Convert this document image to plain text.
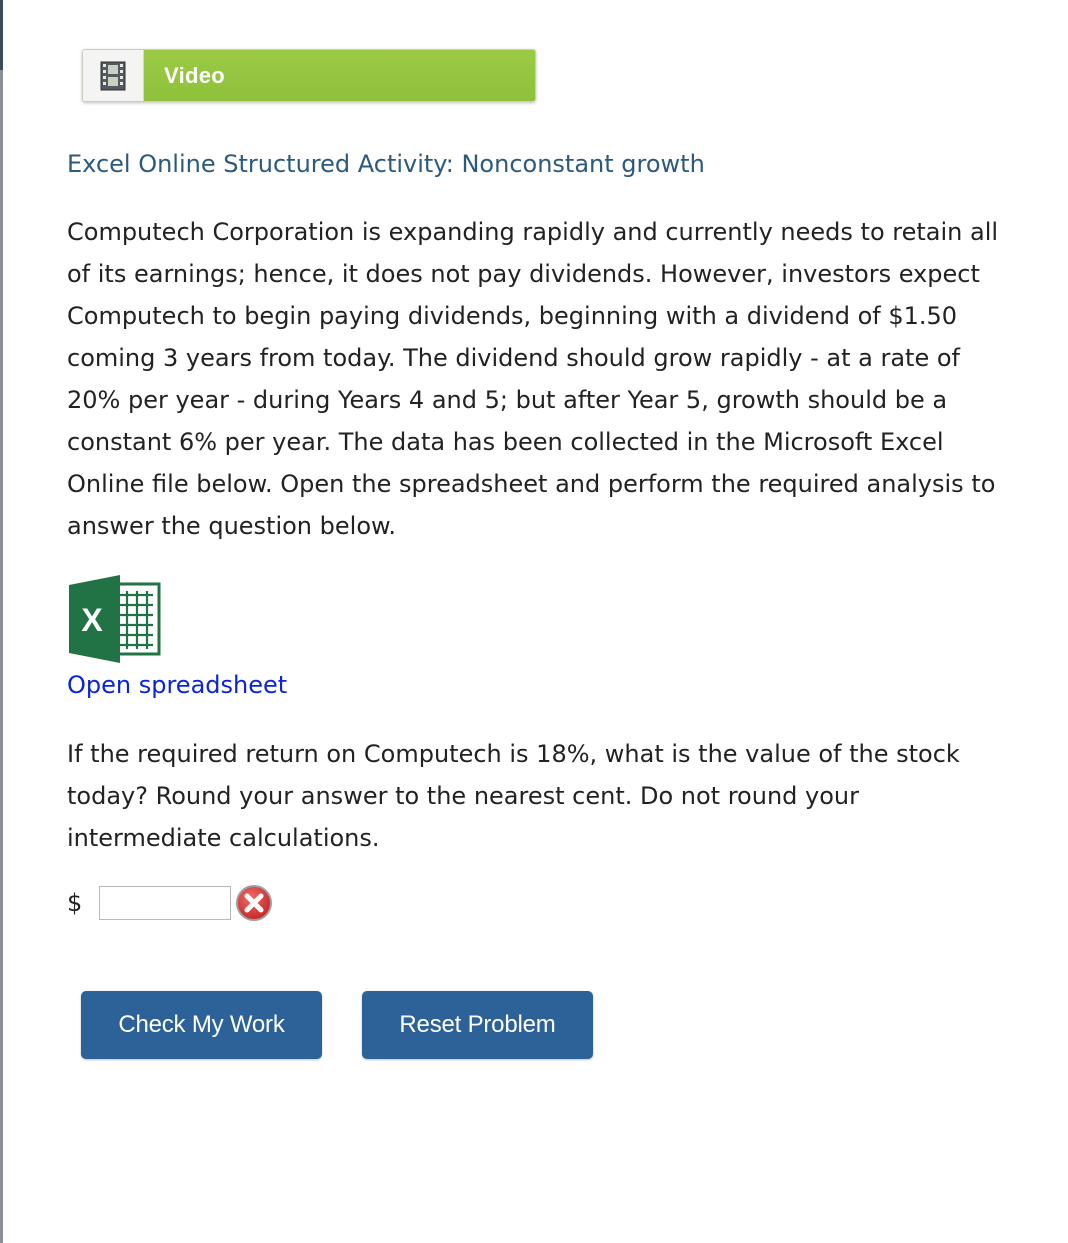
Video
Excel Online Structured Activity: Nonconstant growth

Computech Corporation is expanding rapidly and currently needs to retain all of its earnings; hence, it does not pay dividends. However, investors expect Computech to begin paying dividends, beginning with a dividend of $1.50 coming 3 years from today. The dividend should grow rapidly - at a rate of 20% per year - during Years 4 and 5; but after Year 5, growth should be a constant 6% per year. The data has been collected in the Microsoft Excel Online file below. Open the spreadsheet and perform the required analysis to answer the question below.

X
Open spreadsheet

If the required return on Computech is 18%, what is the value of the stock today? Round your answer to the nearest cent. Do not round your intermediate calculations.

$
Check My Work	Reset Problem
